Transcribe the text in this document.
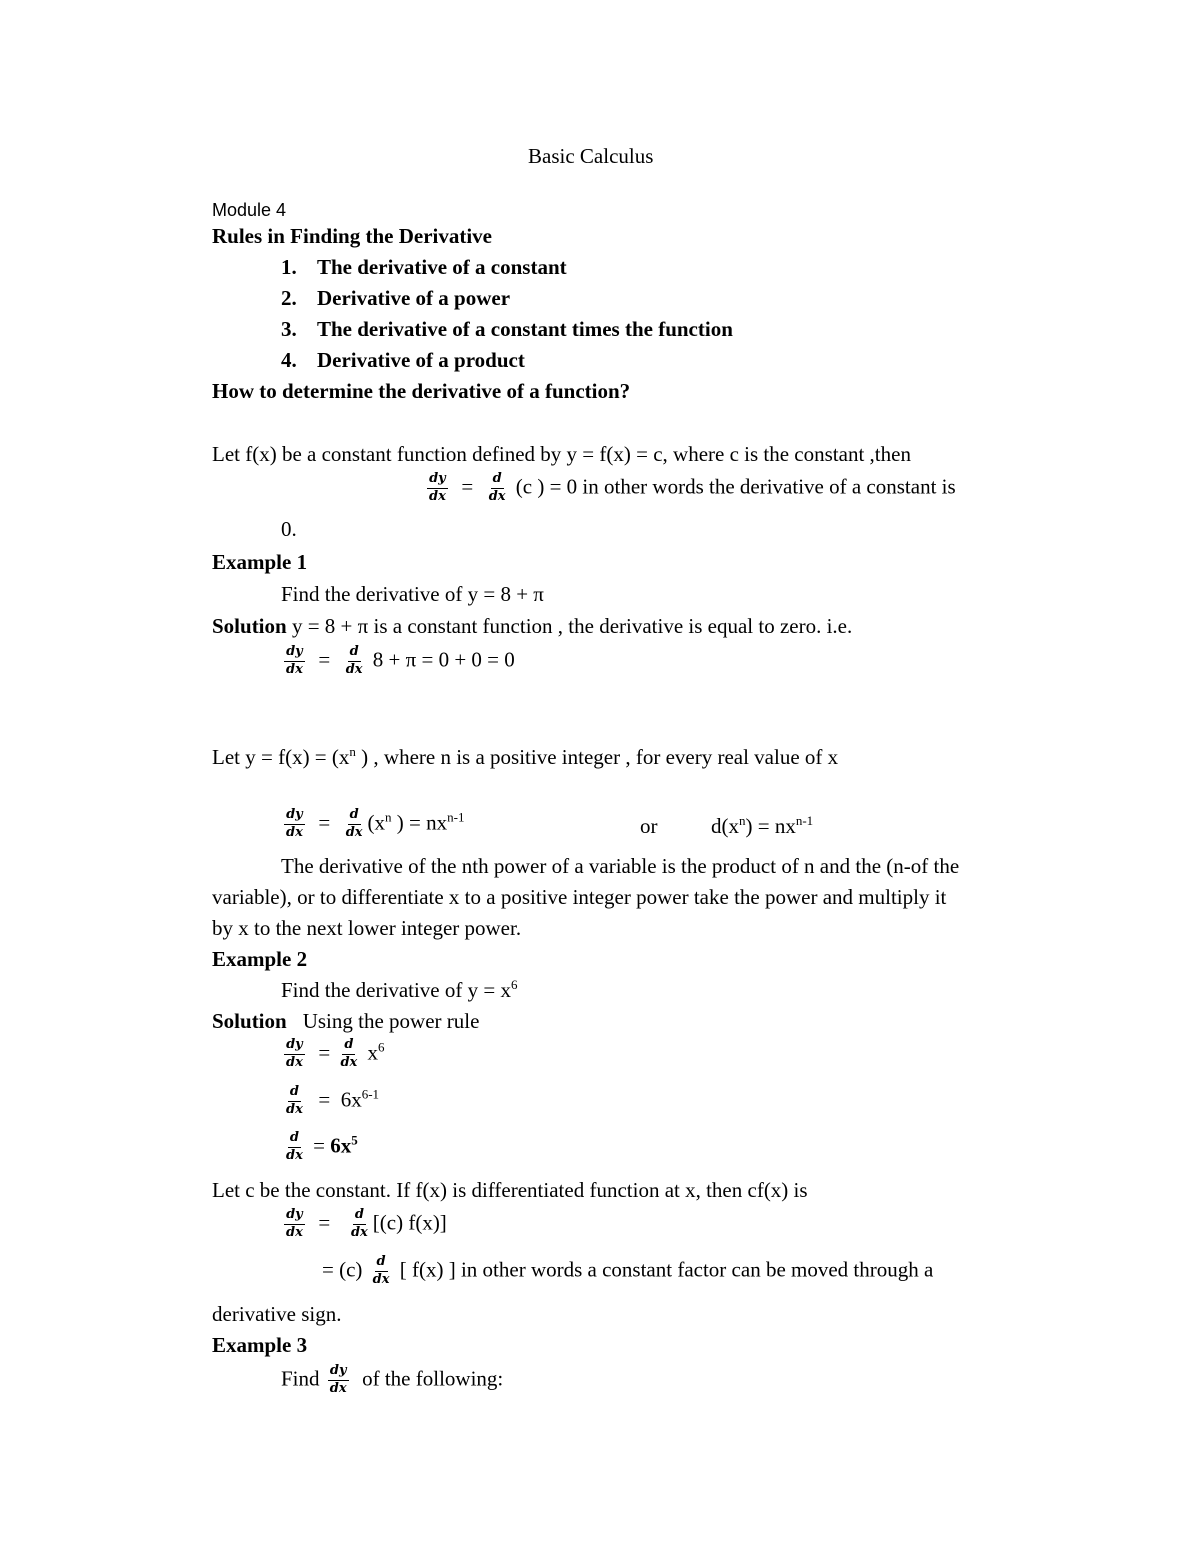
Basic Calculus
Module 4
Rules in Finding the Derivative
1. The derivative of a constant
2. Derivative of a power
3. The derivative of a constant times the function
4. Derivative of a product
How to determine the derivative of a function?
Let f(x) be a constant function defined by y = f(x) = c, where c is the constant ,then
$\frac{dy}{dx} = \frac{d}{dx} (c$ ) = 0 in other words the derivative of a constant is
0.
Example 1
Find the derivative of y = 8 + π
Solution y = 8 + π is a constant function , the derivative is equal to zero. i.e.
$\frac{dy}{dx} = \frac{d}{dx} 8 + \pi = 0 + 0 = 0$
Let $y = f(x) = (x^n$ ) , where n is a positive integer , for every real value of x
$\frac{dy}{dx} = \frac{d}{dx} (x^n$ ) = $nx^{n-1}$	or	$d(x^n) = nx^{n-1}$
The derivative of the nth power of a variable is the product of n and the (n-of the
variable), or to differentiate x to a positive integer power take the power and multiply it
by x to the next lower integer power.
Example 2
Find the derivative of $y = x^6$
Solution Using the power rule
$\frac{dy}{dx} = \frac{d}{dx} x^6$
$\frac{d}{dx} = 6x^{6-1}$
$\frac{d}{dx} = 6x^5$
Let c be the constant. If f(x) is differentiated function at x, then cf(x) is
$\frac{dy}{dx} = \frac{d}{dx} [(c)$ f(x)]
= $(c) \frac{d}{dx}$ [ f(x) ] in other words a constant factor can be moved through a
derivative sign.
Example 3
Find $\frac{dy}{dx}$ of the following:
